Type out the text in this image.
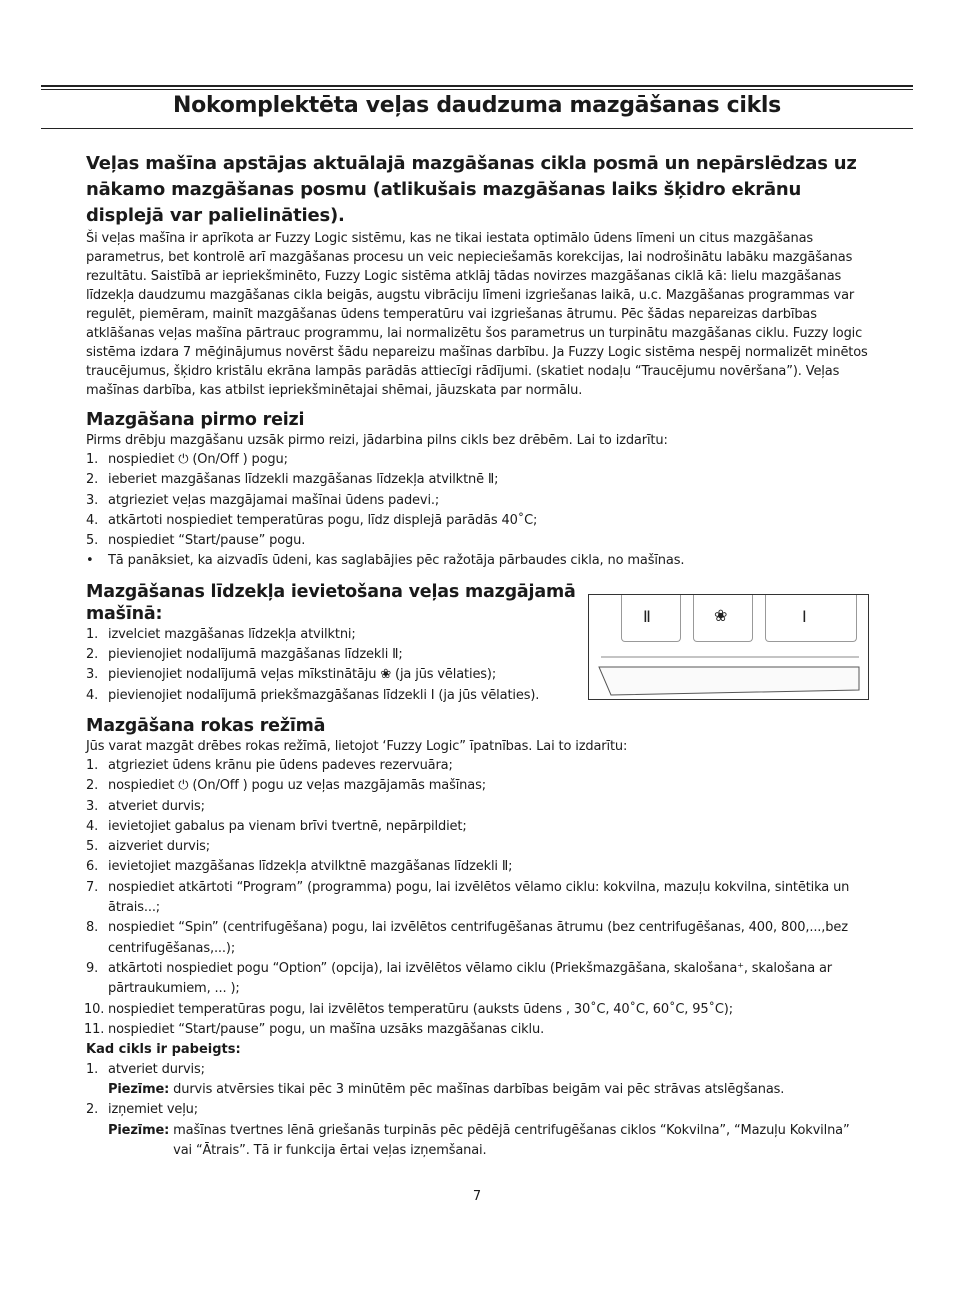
Nokomplektēta veļas daudzuma mazgāšanas cikls

Veļas mašīna apstājas aktuālajā mazgāšanas cikla posmā un nepārslēdzas uz nākamo mazgāšanas posmu (atlikušais mazgāšanas laiks šķidro ekrānu displejā var palielināties).

Ši veļas mašīna ir aprīkota ar Fuzzy Logic sistēmu, kas ne tikai iestata optimālo ūdens līmeni un citus mazgāšanas parametrus, bet kontrolē arī mazgāšanas procesu un veic nepieciešamās korekcijas, lai nodrošinātu labāku mazgāšanas rezultātu. Saistībā ar iepriekšminēto, Fuzzy Logic sistēma atklāj tādas novirzes mazgāšanas ciklā kā: lielu mazgāšanas līdzekļa daudzumu mazgāšanas cikla beigās, augstu vibrāciju līmeni izgriešanas laikā, u.c. Mazgāšanas programmas var regulēt, piemēram, mainīt mazgāšanas ūdens temperatūru vai izgriešanas ātrumu. Pēc šādas nepareizas darbības atklāšanas veļas mašīna pārtrauc programmu, lai normalizētu šos parametrus un turpinātu mazgāšanas ciklu. Fuzzy logic sistēma izdara 7 mēģinājumus novērst šādu nepareizu mašīnas darbību. Ja Fuzzy Logic sistēma nespēj normalizēt minētos traucējumus, šķidro kristālu ekrāna lampās parādās attiecīgi rādījumi. (skatiet nodaļu “Traucējumu novēršana”). Veļas mašīnas darbība, kas atbilst iepriekšminētajai shēmai, jāuzskata par normālu.

Mazgāšana pirmo reizi

Pirms drēbju mazgāšanu uzsāk pirmo reizi, jādarbina pilns cikls bez drēbēm. Lai to izdarītu:

1. nospiediet ⏻ (On/Off ) pogu;
2. ieberiet mazgāšanas līdzekli mazgāšanas līdzekļa atvilktnē Ⅱ;
3. atgrieziet veļas mazgājamai mašīnai ūdens padevi.;
4. atkārtoti nospiediet temperatūras pogu, līdz displejā parādās 40˚C;
5. nospiediet “Start/pause” pogu.
• Tā panāksiet, ka aizvadīs ūdeni, kas saglabājies pēc ražotāja pārbaudes cikla, no mašīnas.

Mazgāšanas līdzekļa ievietošana veļas mazgājamā mašīnā:

1. izvelciet mazgāšanas līdzekļa atvilktni;
2. pievienojiet nodalījumā mazgāšanas līdzekli Ⅱ;
3. pievienojiet nodalījumā veļas mīkstinātāju ❀ (ja jūs vēlaties);
4. pievienojiet nodalījumā priekšmazgāšanas līdzekli Ⅰ (ja jūs vēlaties).

Mazgāšana rokas režīmā

Jūs varat mazgāt drēbes rokas režīmā, lietojot ‘Fuzzy Logic” īpatnības. Lai to izdarītu:

1. atgrieziet ūdens krānu pie ūdens padeves rezervuāra;
2. nospiediet ⏻ (On/Off ) pogu uz veļas mazgājamās mašīnas;
3. atveriet durvis;
4. ievietojiet gabalus pa vienam brīvi tvertnē, nepārpildiet;
5. aizveriet durvis;
6. ievietojiet mazgāšanas līdzekļa atvilktnē mazgāšanas līdzekli Ⅱ;
7. nospiediet atkārtoti “Program” (programma) pogu, lai izvēlētos vēlamo ciklu: kokvilna, mazuļu kokvilna, sintētika un ātrais...;
8. nospiediet “Spin” (centrifugēšana) pogu, lai izvēlētos centrifugēšanas ātrumu (bez centrifugēšanas, 400, 800,...,bez centrifugēšanas,...);
9. atkārtoti nospiediet pogu “Option” (opcija), lai izvēlētos vēlamo ciklu (Priekšmazgāšana, skalošana⁺, skalošana ar pārtraukumiem, ... );
10. nospiediet temperatūras pogu, lai izvēlētos temperatūru (auksts ūdens , 30˚C, 40˚C, 60˚C, 95˚C);
11. nospiediet “Start/pause” pogu, un mašīna uzsāks mazgāšanas ciklu.
Kad cikls ir pabeigts:
1. atveriet durvis;
Piezīme: durvis atvērsies tikai pēc 3 minūtēm pēc mašīnas darbības beigām vai pēc strāvas atslēgšanas.
2. izņemiet veļu;
Piezīme: mašīnas tvertnes lēnā griešanās turpinās pēc pēdējā centrifugēšanas ciklos “Kokvilna”, “Mazuļu Kokvilna” vai “Ātrais”. Tā ir funkcija ērtai veļas izņemšanai.
Ⅱ	❀	Ⅰ
7
